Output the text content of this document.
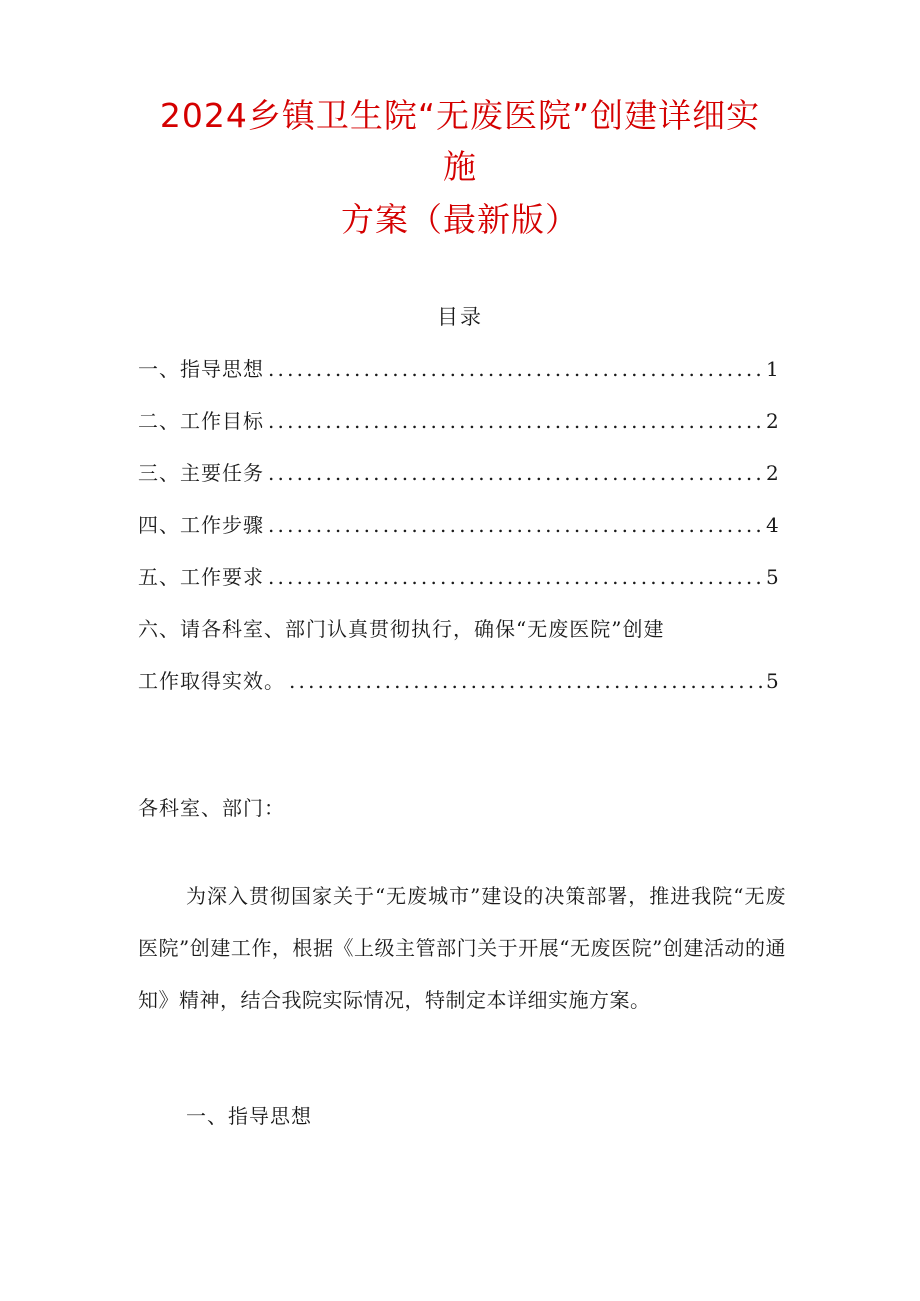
2024乡镇卫生院“无废医院”创建详细实
施
方案（最新版）
目录
一、指导思想 .....	1
二、工作目标 .....	2
三、主要任务 .....	2
四、工作步骤 .....	4
五、工作要求 .....	5
六、请各科室、部门认真贯彻执行，确保“无废医院”创建
工作取得实效。 .....	5
各科室、部门：

为深入贯彻国家关于“无废城市”建设的决策部署，推进我院“无废医院”创建工作，根据《上级主管部门关于开展“无废医院”创建活动的通知》精神，结合我院实际情况，特制定本详细实施方案。

一、指导思想
